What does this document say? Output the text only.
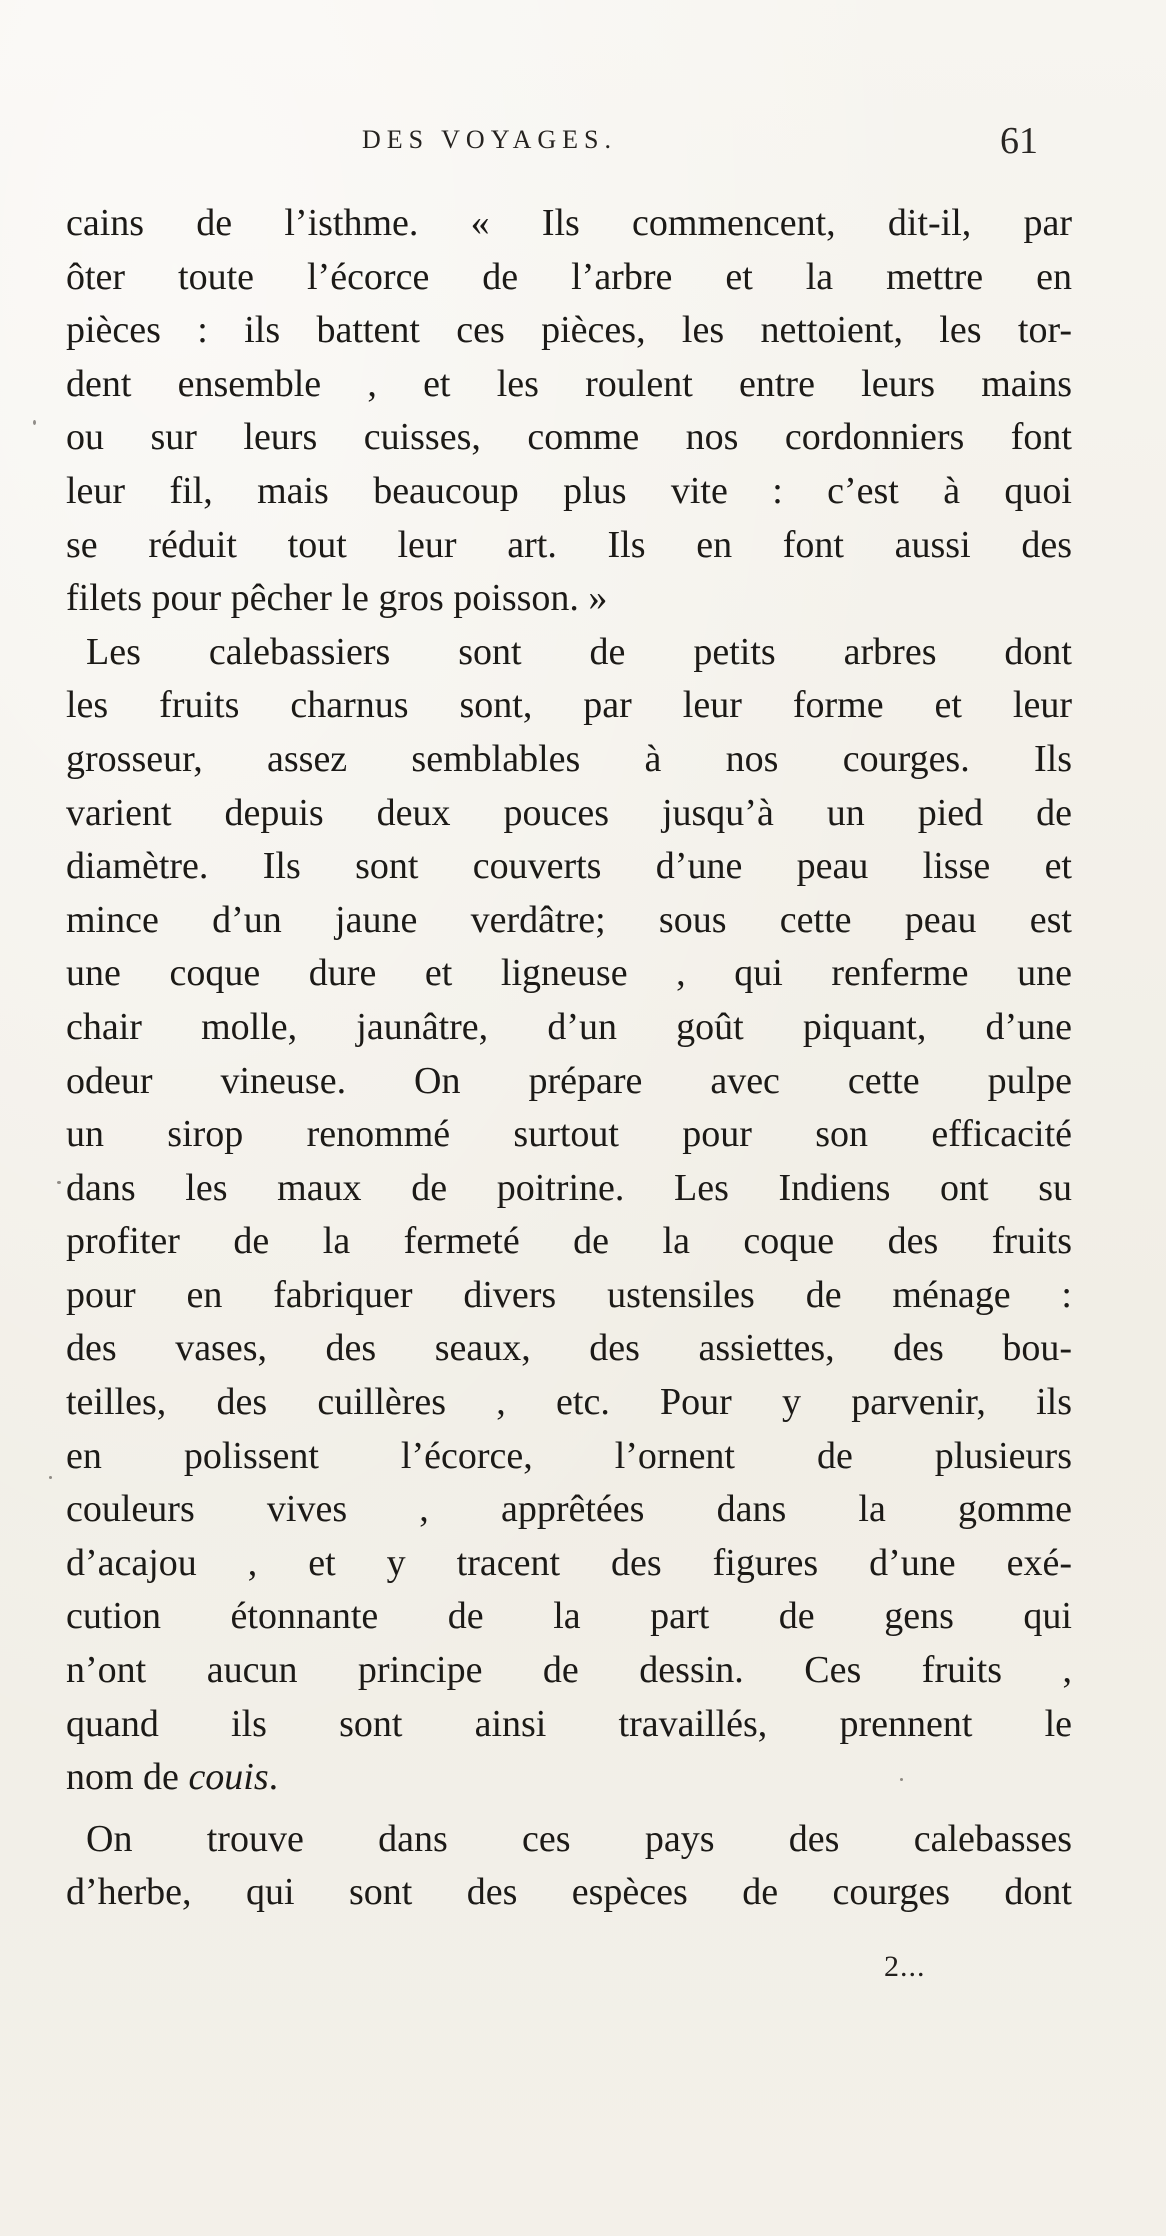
DES VOYAGES.	61
cains de l’isthme. « Ils commencent, dit-il, par
ôter toute l’écorce de l’arbre et la mettre en
pièces : ils battent ces pièces, les nettoient, les tor-
dent ensemble , et les roulent entre leurs mains
ou sur leurs cuisses, comme nos cordonniers font
leur fil, mais beaucoup plus vite : c’est à quoi
se réduit tout leur art. Ils en font aussi des
filets pour pêcher le gros poisson. »
Les calebassiers sont de petits arbres dont
les fruits charnus sont, par leur forme et leur
grosseur, assez semblables à nos courges. Ils
varient depuis deux pouces jusqu’à un pied de
diamètre. Ils sont couverts d’une peau lisse et
mince d’un jaune verdâtre; sous cette peau est
une coque dure et ligneuse , qui renferme une
chair molle, jaunâtre, d’un goût piquant, d’une
odeur vineuse. On prépare avec cette pulpe
un sirop renommé surtout pour son efficacité
dans les maux de poitrine. Les Indiens ont su
profiter de la fermeté de la coque des fruits
pour en fabriquer divers ustensiles de ménage :
des vases, des seaux, des assiettes, des bou-
teilles, des cuillères , etc. Pour y parvenir, ils
en polissent l’écorce, l’ornent de plusieurs
couleurs vives , apprêtées dans la gomme
d’acajou , et y tracent des figures d’une exé-
cution étonnante de la part de gens qui
n’ont aucun principe de dessin. Ces fruits ,
quand ils sont ainsi travaillés, prennent le
nom de couis.
On trouve dans ces pays des calebasses
d’herbe, qui sont des espèces de courges dont
2...
